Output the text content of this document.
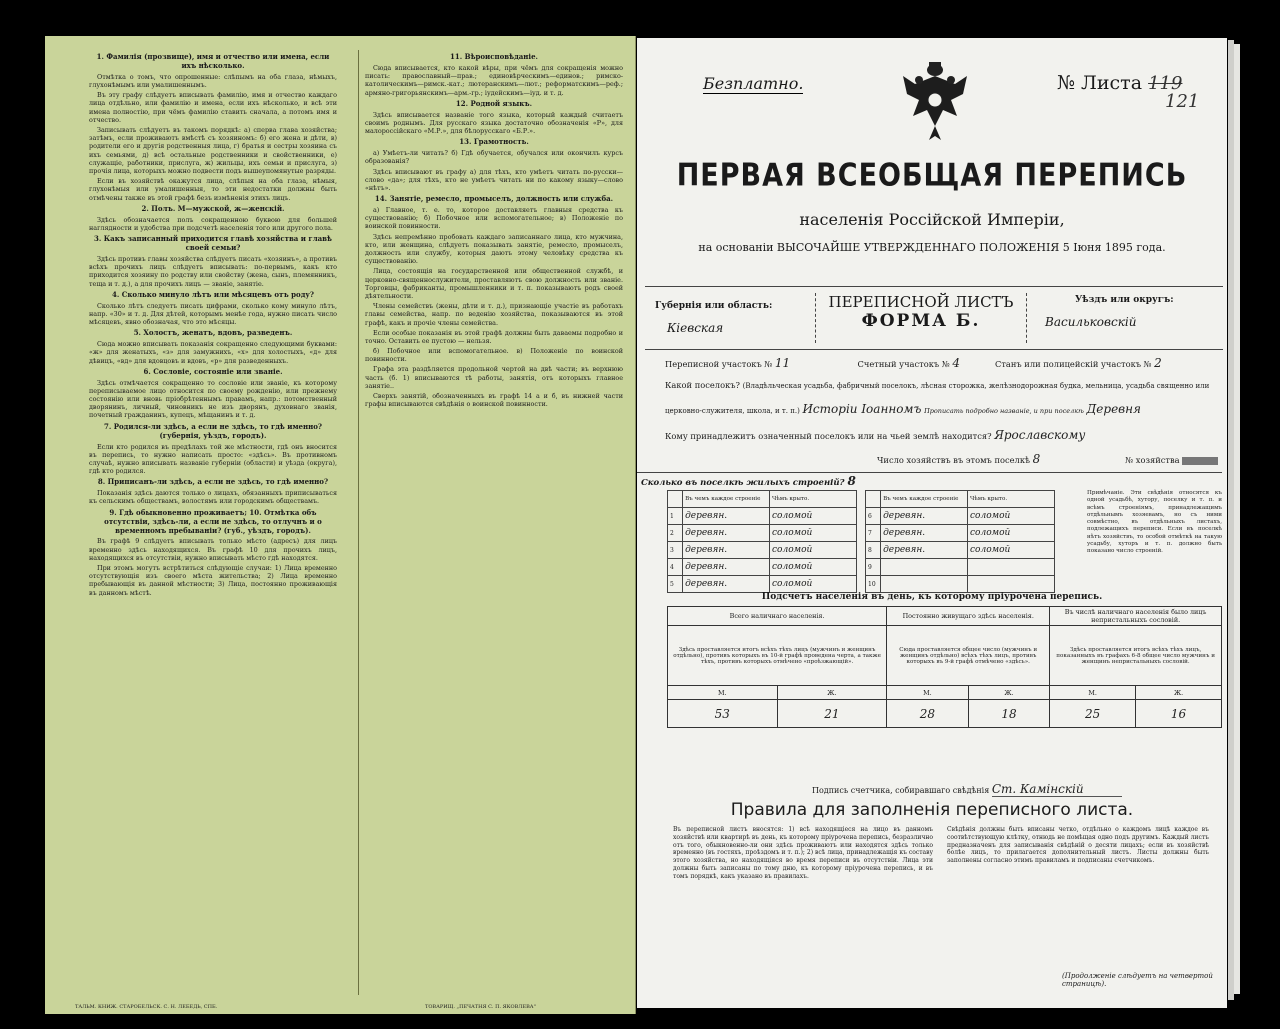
1. Фамилія (прозвище), имя и отчество или имена, если ихъ нѣсколько.

Отмѣтка о томъ, что опрошенные: слѣпымъ на оба глаза, нѣмыхъ, глухонѣмымъ или умалишеннымъ.

Въ эту графу слѣдуетъ вписывать фамилію, имя и отчество каждаго лица отдѣльно, или фамилію и имена, если ихъ нѣсколько, и всѣ эти имена полностію, при чёмъ фамилію ставить сначала, а потомъ имя и отчество.

Записывать слѣдуетъ въ такомъ порядкѣ: а) сперва глава хозяйства; затѣмъ, если проживаютъ вмѣстѣ съ хозяиномъ: б) его жена и дѣти, в) родители его и другія родственныя лица, г) братья и сестры хозяина съ ихъ семьями, д) всѣ остальные родственники и свойственники, е) служащіе, работники, прислуга, ж) жильцы, ихъ семьи и прислуга, з) прочія лица, которыхъ можно подвести подъ вышеупомянутые разряды.

Если въ хозяйствѣ окажутся лица, слѣпыя на оба глаза, нѣмыя, глухонѣмыя или умалишенныя, то эти недостатки должны быть отмѣчены также въ этой графѣ безъ измѣненія этихъ лицъ.

2. Полъ. М—мужской, ж—женскій.

Здѣсь обозначается полъ сокращенною буквою для большей наглядности и удобства при подсчетѣ населенія того или другого пола.

3. Какъ записанный приходится главѣ хозяйства и главѣ своей семьи?

Здѣсь противъ главы хозяйства слѣдуетъ писать «хозяинъ», а противъ всѣхъ прочихъ лицъ слѣдуетъ вписывать: по-первымъ, какъ кто приходится хозяину по родству или свойству (жена, сынъ, племянникъ, теща и т. д.), а для прочихъ лицъ — званіе, занятіе.

4. Сколько минуло лѣтъ или мѣсяцевъ отъ роду?

Сколько лѣтъ следуетъ писать цифрами, сколько кому минуло лѣтъ, напр. «30» и т. д. Для дѣтей, которымъ менѣе года, нужно писать число мѣсяцевъ, явно обозначая, что это мѣсяцы.

5. Холостъ, женатъ, вдовъ, разведенъ.

Сюда можно вписывать показанія сокращенно следующими буквами: «ж» для женатыхъ, «з» для замужнихъ, «х» для холостыхъ, «д» для дѣвицъ, «вд» для вдовцовъ и вдовъ, «р» для разведенныхъ.

6. Сословіе, состояніе или званіе.

Здѣсь отмѣчается сокращенно то сословіе или званіе, къ которому переписываемое лицо относится по своему рожденію, или прежнему состоянію или вновь пріобрѣтеннымъ правамъ, напр.: потомственный дворянинъ, личный, чиновникъ не изъ дворянъ, духовнаго званія, почетный гражданинъ, купецъ, мѣщанинъ и т. д.

7. Родился-ли здѣсь, а если не здѣсь, то гдѣ именно? (губернія, уѣздъ, городъ).

Если кто родился въ предѣлахъ той же мѣстности, гдѣ онъ вносится въ перепись, то нужно написать просто: «здѣсь». Въ противномъ случаѣ, нужно вписывать названіе губерніи (области) и уѣзда (округа), гдѣ кто родился.

8. Приписанъ-ли здѣсь, а если не здѣсь, то гдѣ именно?

Показанія здѣсь даются только о лицахъ, обязанныхъ приписываться къ сельскимъ обществамъ, волостямъ или городскимъ обществамъ.

9. Гдѣ обыкновенно проживаетъ; 10. Отмѣтка объ отсутствіи, здѣсь-ли, а если не здѣсь, то отлучнъ и о временномъ пребываніи? (губ., уѣздъ, городъ).

Въ графѣ 9 слѣдуетъ вписывать только мѣсто (адресъ) для лицъ временно здѣсь находящихся. Въ графѣ 10 для прочихъ лицъ, находящихся въ отсутствіи, нужно вписывать мѣсто гдѣ находятся.

При этомъ могутъ встрѣтиться слѣдующіе случаи: 1) Лица временно отсутствующія изъ своего мѣста жительства; 2) Лица временно пребывающія въ данной мѣстности; 3) Лица, постоянно проживающія въ данномъ мѣстѣ.

11. Вѣроисповѣданіе.

Сюда вписывается, кто какой вѣры, при чёмъ для сокращенія можно писать: православный—прав.; единовѣрческимъ—единов.; римско-католическимъ—римск.-кат.; лютеранскимъ—лют.; реформатскимъ—реф.; армяно-григорьянскимъ—арм.-гр.; іудейскимъ—іуд. и т. д.

12. Родной языкъ.

Здѣсь вписывается названіе того языка, который каждый считаетъ своимъ роднымъ. Для русскаго языка достаточно обозначенія «Р», для малороссійскаго «М.Р.», для бѣлорусскаго «Б.Р.».

13. Грамотность.

а) Умѣетъ-ли читать? б) Гдѣ обучается, обучался или окончилъ курсъ образованія?

Здѣсь вписывают въ графу а) для тѣхъ, кто умѣетъ читать по-русски—слово «да»; для тѣхъ, кто не умѣетъ читать ни по какому языку—слово «нѣтъ».

14. Занятіе, ремесло, промыселъ, должность или служба.

а) Главное, т. е. то, которое доставляетъ главныя средства къ существованію; б) Побочное или вспомогательное; в) Положеніе по воинской повинности.

Здѣсь непремѣнно пробовать каждаго записаннаго лица, кто мужчина, кто, или женщина, слѣдуетъ показывать занятіе, ремесло, промыселъ, должность или службу, которыя даютъ этому человѣку средства къ существованію.

Лица, состоящія на государственной или общественной службѣ, и церковно-священнослужители, проставляютъ свою должность или званіе. Торговцы, фабриканты, промышленники и т. п. показываютъ родъ своей дѣятельности.

Члены семействъ (жены, дѣти и т. д.), признающіе участіе въ работахъ главы семейства, напр. по веденію хозяйства, показываются въ этой графѣ, какъ и прочіе члены семейства.

Если особые показанія въ этой графѣ должны быть даваемы подробно и точно. Оставить ее пустою — нельзя.

б) Побочное или вспомогательное. в) Положеніе по воинской повинности.

Графа эта раздѣляется продольной чертой на двѣ части; въ верхнюю часть (б. 1) вписываются тѣ работы, занятія, отъ которыхъ главное занятіе..

Сверхъ занятій, обозначенныхъ въ графѣ 14 а и б, въ нижней части графы вписываются свѣдѣнія о воинской повинности.

ТАЛЬМ. КНИЖ. СТАРОБЕЛЬСК. С. Н. ЛЕБЕДЬ, СПБ.	ТОВАРИЩ. „ПЕЧАТНЯ С. П. ЯКОВЛЕВА"
Безплатно.	№ Листа 119
121
ПЕРВАЯ ВСЕОБЩАЯ ПЕРЕПИСЬ
населенія Россійской Имперіи,
на основаніи ВЫСОЧАЙШЕ УТВЕРЖДЕННАГО ПОЛОЖЕНІЯ 5 Іюня 1895 года.
Губернія или область:
Кіевская
ПЕРЕПИСНОЙ ЛИСТЪ
ФОРМА Б.
Уѣздъ или округъ:
Васильковскій
Переписной участокъ № 11	Счетный участокъ № 4	Станъ или полицейскій участокъ № 2
Какой поселокъ? (Владѣльческая усадьба, фабричный поселокъ, лѣсная сторожка, желѣзнодорожная будка, мельница, усадьба священно или
церковно-служителя, школа, и т. п.) Исторіи Іоанномъ Прописать подробно названіе, и при поселкѣ Деревня
Кому принадлежитъ означенный поселокъ или на чьей землѣ находится? Ярославскому
Число хозяйствъ въ этомъ поселкѣ 8	№ хозяйства
Сколько въ поселкѣ жилыхъ строеній? 8
	Въ чемъ каждое строеніе	Чѣмъ крыто.
1	деревян.	соломой
2	деревян.	соломой
3	деревян.	соломой
4	деревян.	соломой
5	деревян.	соломой
	Въ чемъ каждое строеніе	Чѣмъ крыто.
6	деревян.	соломой
7	деревян.	соломой
8	деревян.	соломой
9		
10		
Примѣчаніе. Эти свѣдѣнія относятся къ одной усадьбѣ, хутору, поселку и т. п. и всѣмъ строеніямъ, принадлежащимъ отдѣльнымъ хозяевамъ, но съ ними совмѣстно, въ отдѣльныхъ листахъ, подлежащихъ переписи. Если въ поселкѣ нѣтъ хозяйствъ, то особой отмѣткѣ на такую усадьбу, хуторъ и т. п. должно быть показано число строеній.
Подсчетъ населенія въ день, къ которому пріурочена перепись.
Всего наличнаго населенія.		Постоянно живущаго здѣсь населенія.		Въ числѣ наличнаго населенія было лицъ непристальныхъ сословій.	
Здѣсь проставляется итогъ всѣхъ тѣхъ лицъ (мужчинъ и женщинъ отдѣльно), противъ которыхъ въ 10-й графѣ проведена черта, а также тѣхъ, противъ которыхъ отмѣчено «проѣзжающій».		Сюда проставляется общее число (мужчинъ и женщинъ отдѣльно) всѣхъ тѣхъ лицъ, противъ которыхъ въ 9-й графѣ отмѣчено «здѣсь».		Здѣсь проставляется итогъ всѣхъ тѣхъ лицъ, показанныхъ въ графахъ 6-8 общее число мужчинъ и женщинъ непристальныхъ сословій.	
М.	Ж.	М.	Ж.	М.	Ж.
53	21	28	18	25	16
Подпись счетчика, собиравшаго свѣдѣнія Ст. Камінскій
Правила для заполненія переписного листа.
Въ переписной листъ вносятся: 1) всѣ находящіеся на лицо въ данномъ хозяйствѣ или квартирѣ въ день, къ которому пріурочена перепись, безразлично отъ того, обыкновенно-ли они здѣсь проживаютъ или находятся здѣсь только временно (въ гостяхъ, проѣздомъ и т. п.); 2) всѣ лица, принадлежащія къ составу этого хозяйства, но находящіяся во время переписи въ отсутствіи. Лица эти должны быть записаны по тому дню, къ которому пріурочена перепись, и въ томъ порядкѣ, какъ указано въ правилахъ.
Свѣдѣнія должны быть вписаны четко, отдѣльно о каждомъ лицѣ каждое въ соотвѣтствующую клѣтку, отнюдь не помѣщая одно подъ другимъ. Каждый листъ предназначенъ для записыванія свѣдѣній о десяти лицахъ; если въ хозяйствѣ болѣе лицъ, то прилагается дополнительный листъ. Листы должны быть заполнены согласно этимъ правиламъ и подписаны счетчикомъ.
(Продолженіе слѣдуетъ на четвертой страницѣ).
